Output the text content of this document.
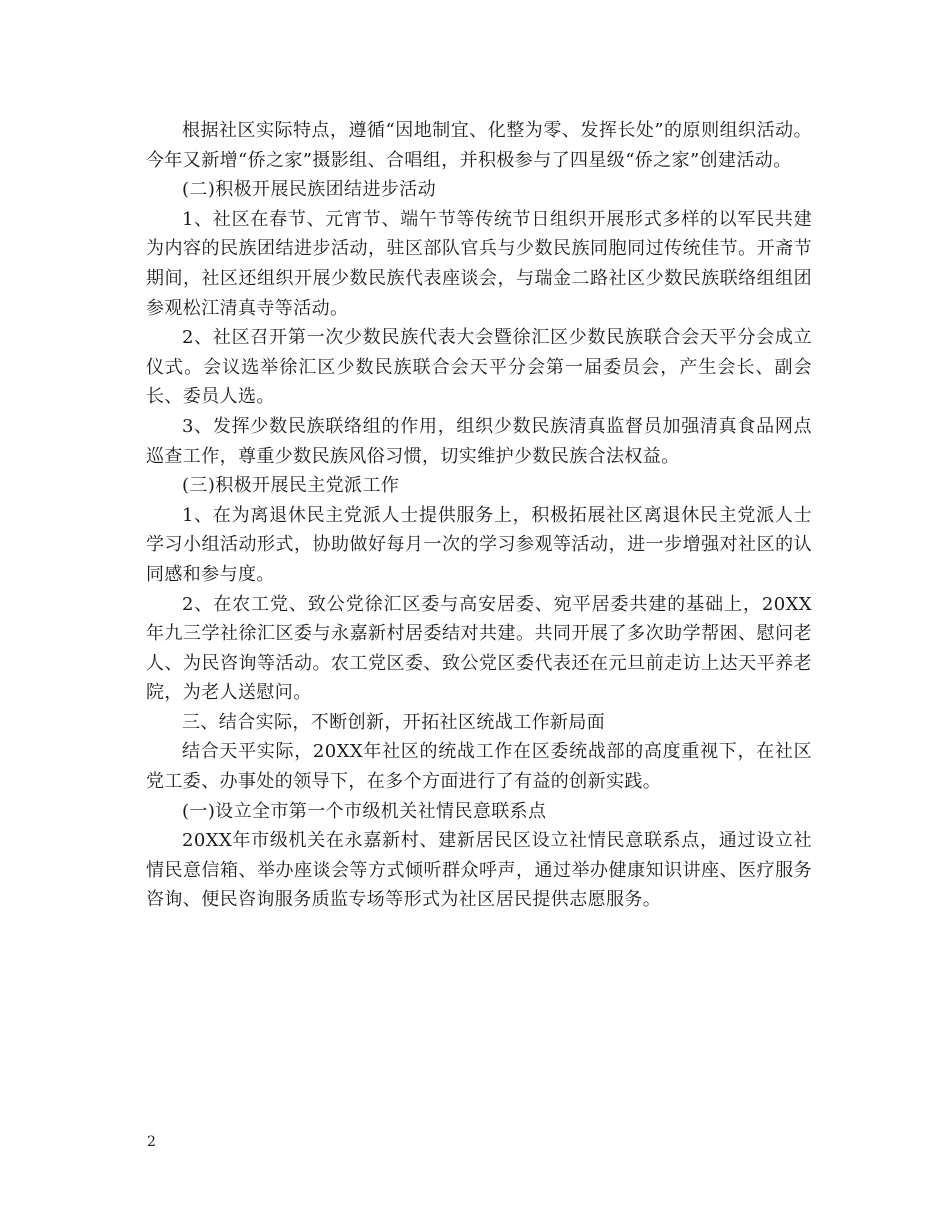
根据社区实际特点，遵循“因地制宜、化整为零、发挥长处”的原则组织活动。今年又新增“侨之家”摄影组、合唱组，并积极参与了四星级“侨之家”创建活动。

(二)积极开展民族团结进步活动

1、社区在春节、元宵节、端午节等传统节日组织开展形式多样的以军民共建为内容的民族团结进步活动，驻区部队官兵与少数民族同胞同过传统佳节。开斋节期间，社区还组织开展少数民族代表座谈会，与瑞金二路社区少数民族联络组组团参观松江清真寺等活动。

2、社区召开第一次少数民族代表大会暨徐汇区少数民族联合会天平分会成立仪式。会议选举徐汇区少数民族联合会天平分会第一届委员会，产生会长、副会长、委员人选。

3、发挥少数民族联络组的作用，组织少数民族清真监督员加强清真食品网点巡查工作，尊重少数民族风俗习惯，切实维护少数民族合法权益。

(三)积极开展民主党派工作

1、在为离退休民主党派人士提供服务上，积极拓展社区离退休民主党派人士学习小组活动形式，协助做好每月一次的学习参观等活动，进一步增强对社区的认同感和参与度。

2、在农工党、致公党徐汇区委与高安居委、宛平居委共建的基础上，20XX年九三学社徐汇区委与永嘉新村居委结对共建。共同开展了多次助学帮困、慰问老人、为民咨询等活动。农工党区委、致公党区委代表还在元旦前走访上达天平养老院，为老人送慰问。

三、结合实际，不断创新，开拓社区统战工作新局面

结合天平实际，20XX年社区的统战工作在区委统战部的高度重视下，在社区党工委、办事处的领导下，在多个方面进行了有益的创新实践。

(一)设立全市第一个市级机关社情民意联系点

20XX年市级机关在永嘉新村、建新居民区设立社情民意联系点，通过设立社情民意信箱、举办座谈会等方式倾听群众呼声，通过举办健康知识讲座、医疗服务咨询、便民咨询服务质监专场等形式为社区居民提供志愿服务。

2
